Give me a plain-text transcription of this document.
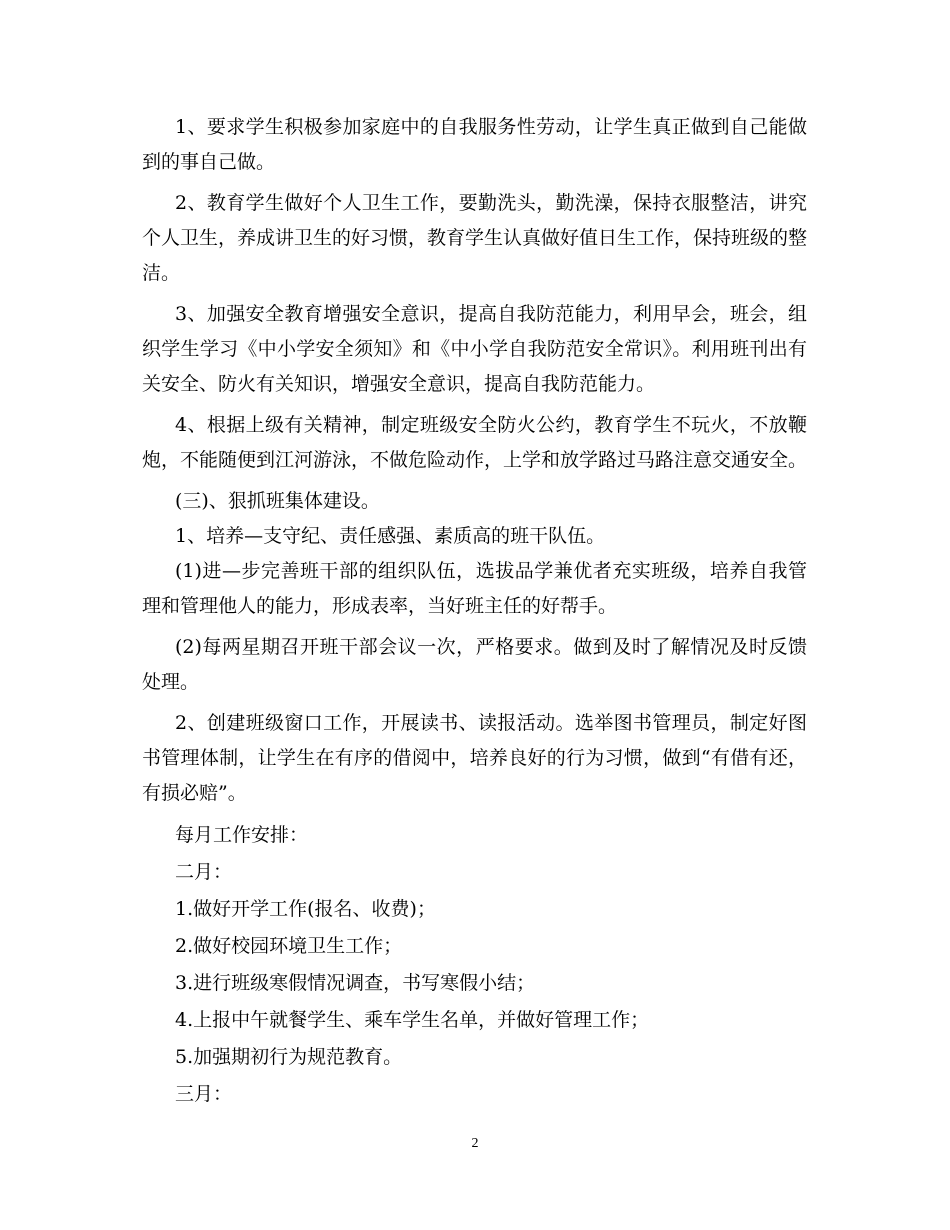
1、要求学生积极参加家庭中的自我服务性劳动，让学生真正做到自己能做到的事自己做。

2、教育学生做好个人卫生工作，要勤洗头，勤洗澡，保持衣服整洁，讲究个人卫生，养成讲卫生的好习惯，教育学生认真做好值日生工作，保持班级的整洁。

3、加强安全教育增强安全意识，提高自我防范能力，利用早会，班会，组织学生学习《中小学安全须知》和《中小学自我防范安全常识》。利用班刊出有关安全、防火有关知识，增强安全意识，提高自我防范能力。

4、根据上级有关精神，制定班级安全防火公约，教育学生不玩火，不放鞭炮，不能随便到江河游泳，不做危险动作，上学和放学路过马路注意交通安全。

(三)、狠抓班集体建设。

1、培养—支守纪、责任感强、素质高的班干队伍。

(1)进—步完善班干部的组织队伍，选拔品学兼优者充实班级，培养自我管理和管理他人的能力，形成表率，当好班主任的好帮手。

(2)每两星期召开班干部会议一次，严格要求。做到及时了解情况及时反馈处理。

2、创建班级窗口工作，开展读书、读报活动。选举图书管理员，制定好图书管理体制，让学生在有序的借阅中，培养良好的行为习惯，做到“有借有还，有损必赔”。

每月工作安排：
二月：
1.做好开学工作(报名、收费)；
2.做好校园环境卫生工作；
3.进行班级寒假情况调查，书写寒假小结；
4.上报中午就餐学生、乘车学生名单，并做好管理工作；
5.加强期初行为规范教育。
三月：
2
